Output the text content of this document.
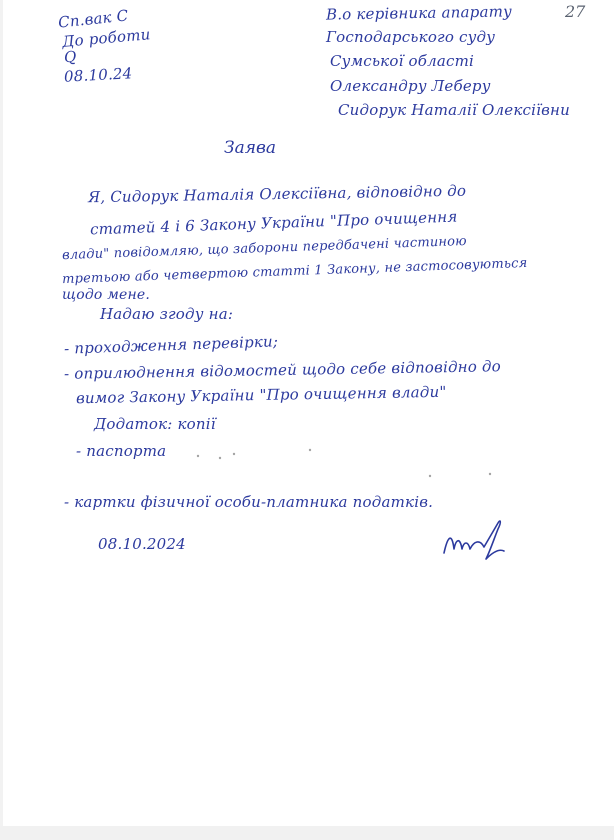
27
Сп.вак С
До роботи
Q
08.10.24
В.о керівника апарату
Господарського суду
Сумської області
Олександру Леберу
Сидорук Наталії Олексіївни
Заява
Я, Сидорук Наталія Олексіївна, відповідно до
статей 4 і 6 Закону України "Про очищення
влади" повідомляю, що заборони передбачені частиною
третьою або четвертою статті 1 Закону, не застосовуються
щодо мене.
Надаю згоду на:
- проходження перевірки;
- оприлюднення відомостей щодо себе відповідно до
вимог Закону України "Про очищення влади"
Додаток: копії
- паспорта
- картки фізичної особи-платника податків.
08.10.2024
